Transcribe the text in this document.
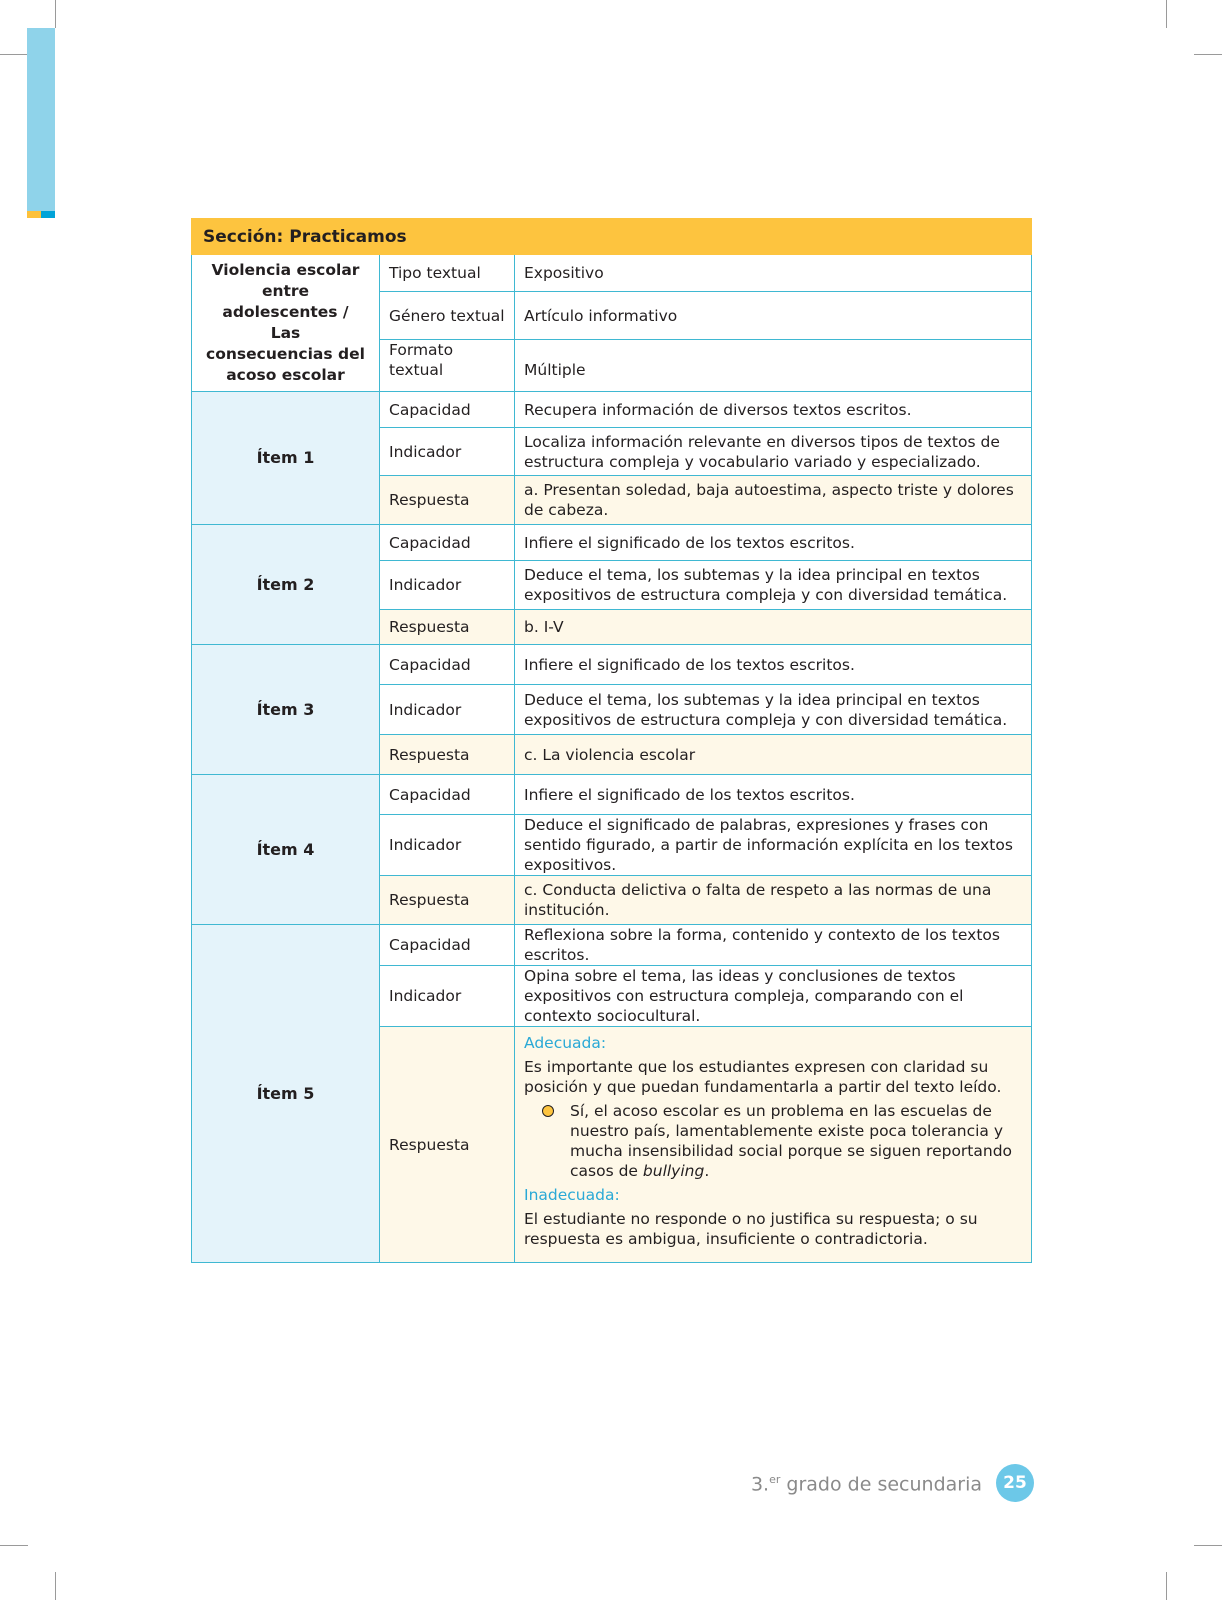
Sección: Practicamos		
Violencia escolar entre adolescentes / Las consecuencias del acoso escolar	Tipo textual	Expositivo
	Género textual	Artículo informativo
	Formato textual	Múltiple
Ítem 1	Capacidad	Recupera información de diversos textos escritos.
	Indicador	Localiza información relevante en diversos tipos de textos de estructura compleja y vocabulario variado y especializado.
	Respuesta	a. Presentan soledad, baja autoestima, aspecto triste y dolores de cabeza.
Ítem 2	Capacidad	Infiere el significado de los textos escritos.
	Indicador	Deduce el tema, los subtemas y la idea principal en textos expositivos de estructura compleja y con diversidad temática.
	Respuesta	b. I-V
Ítem 3	Capacidad	Infiere el significado de los textos escritos.
	Indicador	Deduce el tema, los subtemas y la idea principal en textos expositivos de estructura compleja y con diversidad temática.
	Respuesta	c. La violencia escolar
Ítem 4	Capacidad	Infiere el significado de los textos escritos.
	Indicador	Deduce el significado de palabras, expresiones y frases con sentido figurado, a partir de información explícita en los textos expositivos.
	Respuesta	c. Conducta delictiva o falta de respeto a las normas de una institución.
Ítem 5	Capacidad	Reflexiona sobre la forma, contenido y contexto de los textos escritos.
	Indicador	Opina sobre el tema, las ideas y conclusiones de textos expositivos con estructura compleja, comparando con el contexto sociocultural.
	Respuesta	Adecuada:
Es importante que los estudiantes expresen con claridad su posición y que puedan fundamentarla a partir del texto leído.
Sí, el acoso escolar es un problema en las escuelas de nuestro país, lamentablemente existe poca tolerancia y mucha insensibilidad social porque se siguen reportando casos de bullying.
Inadecuada:
El estudiante no responde o no justifica su respuesta; o su respuesta es ambigua, insuficiente o contradictoria.
3.$^{er}$ grado de secundaria	25
